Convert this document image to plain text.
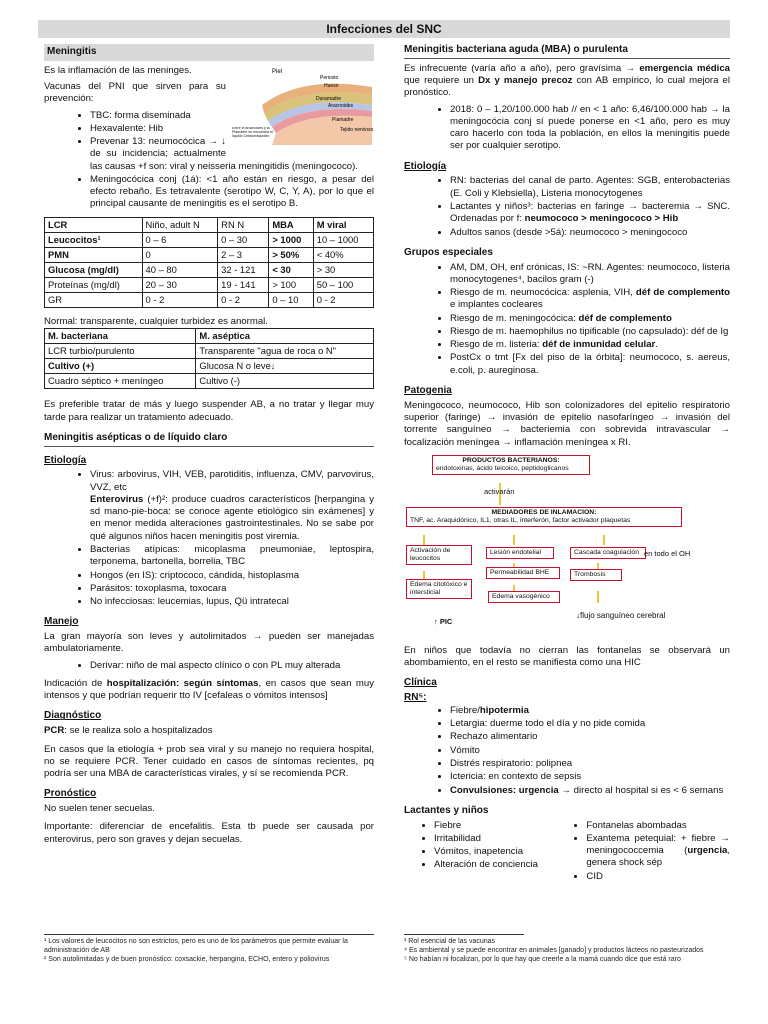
Infecciones del SNC
Meningitis
Piel
Periosto
Hueso
Duramadre
Aracnoides
Piamadre
Tejido nervioso
Entre el aracnoides y la Piamadre se encuentra el líquido Cefalorraquídeo

Es la inflamación de las meninges.

Vacunas del PNI que sirven para su prevención:

• TBC: forma diseminada
• Hexavalente: Hib
• Prevenar 13: neumocócica → ↓ de su incidencia; actualmente las causas +f son: viral y neisseria meningitidis (meningococo).
• Meningocócica conj (1á): <1 año están en riesgo, a pesar del efecto rebaño. Es tetravalente (serotipo W, C, Y, A), por lo que el principal causante de meningitis es el serotipo B.
LCR	Niño, adult N	RN N	MBA	M viral
Leucocitos¹	0 – 6	0 – 30	> 1000	10 – 1000
PMN	0	2 – 3	> 50%	< 40%
Glucosa (mg/dl)	40 – 80	32 - 121	< 30	> 30
Proteínas (mg/dl)	20 – 30	19 - 141	> 100	50 – 100
GR	0 - 2	0 - 2	0 – 10	0 - 2

Normal: transparente, cualquier turbidez es anormal.

M. bacteriana	M. aséptica
LCR turbio/purulento	Transparente "agua de roca o N"
Cultivo (+)	Glucosa N o leve↓
Cuadro séptico + meníngeo	Cultivo (-)

Es preferible tratar de más y luego suspender AB, a no tratar y llegar muy tarde para realizar un tratamiento adecuado.

Meningitis asépticas o de líquido claro
Etiología
• Virus: arbovirus, VIH, VEB, parotiditis, influenza, CMV, parvovirus, VVZ, etc
Enterovirus (+f)²: produce cuadros característicos [herpangina y sd mano-pie-boca: se conoce agente etiológico sin exámenes] y en menor medida alteraciones gastrointestinales. No se sabe por qué algunos niños hacen meningitis post viremia.
• Bacterias atípicas: micoplasma pneumoniae, leptospira, terponema, bartonella, borrelia, TBC
• Hongos (en IS): criptococo, cándida, histoplasma
• Parásitos: toxoplasma, toxocara
• No infecciosas: leucemias, lupus, Qü intratecal
Manejo

La gran mayoría son leves y autolimitados → pueden ser manejadas ambulatoriamente.

• Derivar: niño de mal aspecto clínico o con PL muy alterada

Indicación de hospitalización: según síntomas, en casos que sean muy intensos y que podrían requerir tto IV [cefaleas o vómitos intensos]

Diagnóstico

PCR: se le realiza solo a hospitalizados

En casos que la etiología + prob sea viral y su manejo no requiera hospital, no se requiere PCR. Tener cuidado en casos de síntomas recientes, pq podría ser una MBA de características virales, y sí se recomienda PCR.

Pronóstico

No suelen tener secuelas.

Importante: diferenciar de encefalitis. Esta tb puede ser causada por enterovirus, pero son graves y dejan secuelas.

Meningitis bacteriana aguda (MBA) o purulenta

Es infrecuente (varía año a año), pero gravísima → emergencia médica que requiere un Dx y manejo precoz con AB empírico, lo cual mejora el pronóstico.

• 2018: 0 – 1,20/100.000 hab // en < 1 año: 6,46/100.000 hab → la meningocócia conj sí puede ponerse en <1 año, pero es muy caro hacerlo con toda la población, en ellos la meningitis puede ser por cualquier serotipo.
Etiología
• RN: bacterias del canal de parto. Agentes: SGB, enterobacterias (E. Coli y Klebsiella), Listeria monocytogenes
• Lactantes y niños³: bacterias en faringe → bacteremia → SNC. Ordenadas por f: neumococo > meningococo > Hib
• Adultos sanos (desde >5á): neumococo > meningococo
Grupos especiales
• AM, DM, OH, enf crónicas, IS: ~RN. Agentes: neumococo, listeria monocytogenes⁴, bacilos gram (-)
• Riesgo de m. neumocócica: asplenia, VIH, déf de complemento e implantes cocleares
• Riesgo de m. meningocócica: déf de complemento
• Riesgo de m. haemophilus no tipificable (no capsulado): déf de Ig
• Riesgo de m. listeria: déf de inmunidad celular.
• PostCx o tmt [Fx del piso de la órbita]: neumococo, s. aereus, e.coli, p. aureginosa.
Patogenia

Meningococo, neumococo, Hib son colonizadores del epitelio respiratorio superior (faringe) → invasión de epitelio nasofaríngeo → invasión del torrente sanguíneo → bacteriemia con sobrevida intravascular → focalización meníngea → inflamación meníngea x RI.

PRODUCTOS BACTERIANOS:
endotoxinas, ácido teicoico, peptidoglicanos
activarán
MEDIADORES DE INLAMACION:
TNF, ac. Araquidónico, IL1, otras IL, interferón, factor activador plaquetas
Activación de leucocitos
Lesión endotelial	Cascada coagulación en todo el OH
Permeabilidad BHE	Trombosis
Edema citotóxico e intersticial
Edema vasogénico
↑ PIC
↓flujo sanguíneo cerebral

En niños que todavía no cierran las fontanelas se observará un abombamiento, en el resto se manifiesta como una HIC

Clínica
RN⁵:
• Fiebre/hipotermia
• Letargia: duerme todo el día y no pide comida
• Rechazo alimentario
• Vómito
• Distrés respiratorio: polipnea
• Ictericia: en contexto de sepsis
• Convulsiones: urgencia → directo al hospital si es < 6 semans
Lactantes y niños
• Fiebre
• Irritabilidad
• Vómitos, inapetencia
• Alteración de conciencia
• Fontanelas abombadas
• Exantema petequial: + fiebre → meningococcemia (urgencia, genera shock sép
• CID
¹ Los valores de leucocitos no son estrictos, pero es uno de los parámetros que permite evaluar la administración de AB
² Son autolimitadas y de buen pronóstico: coxsackie, herpangina, ECHO, entero y poliovirus
³ Rol esencial de las vacunas
⁴ Es ambiental y se puede encontrar en animales [ganado] y productos lácteos no pasteurizados
⁵ No habían ni focalizan, por lo que hay que creerle a la mamá cuando dice que está raro
